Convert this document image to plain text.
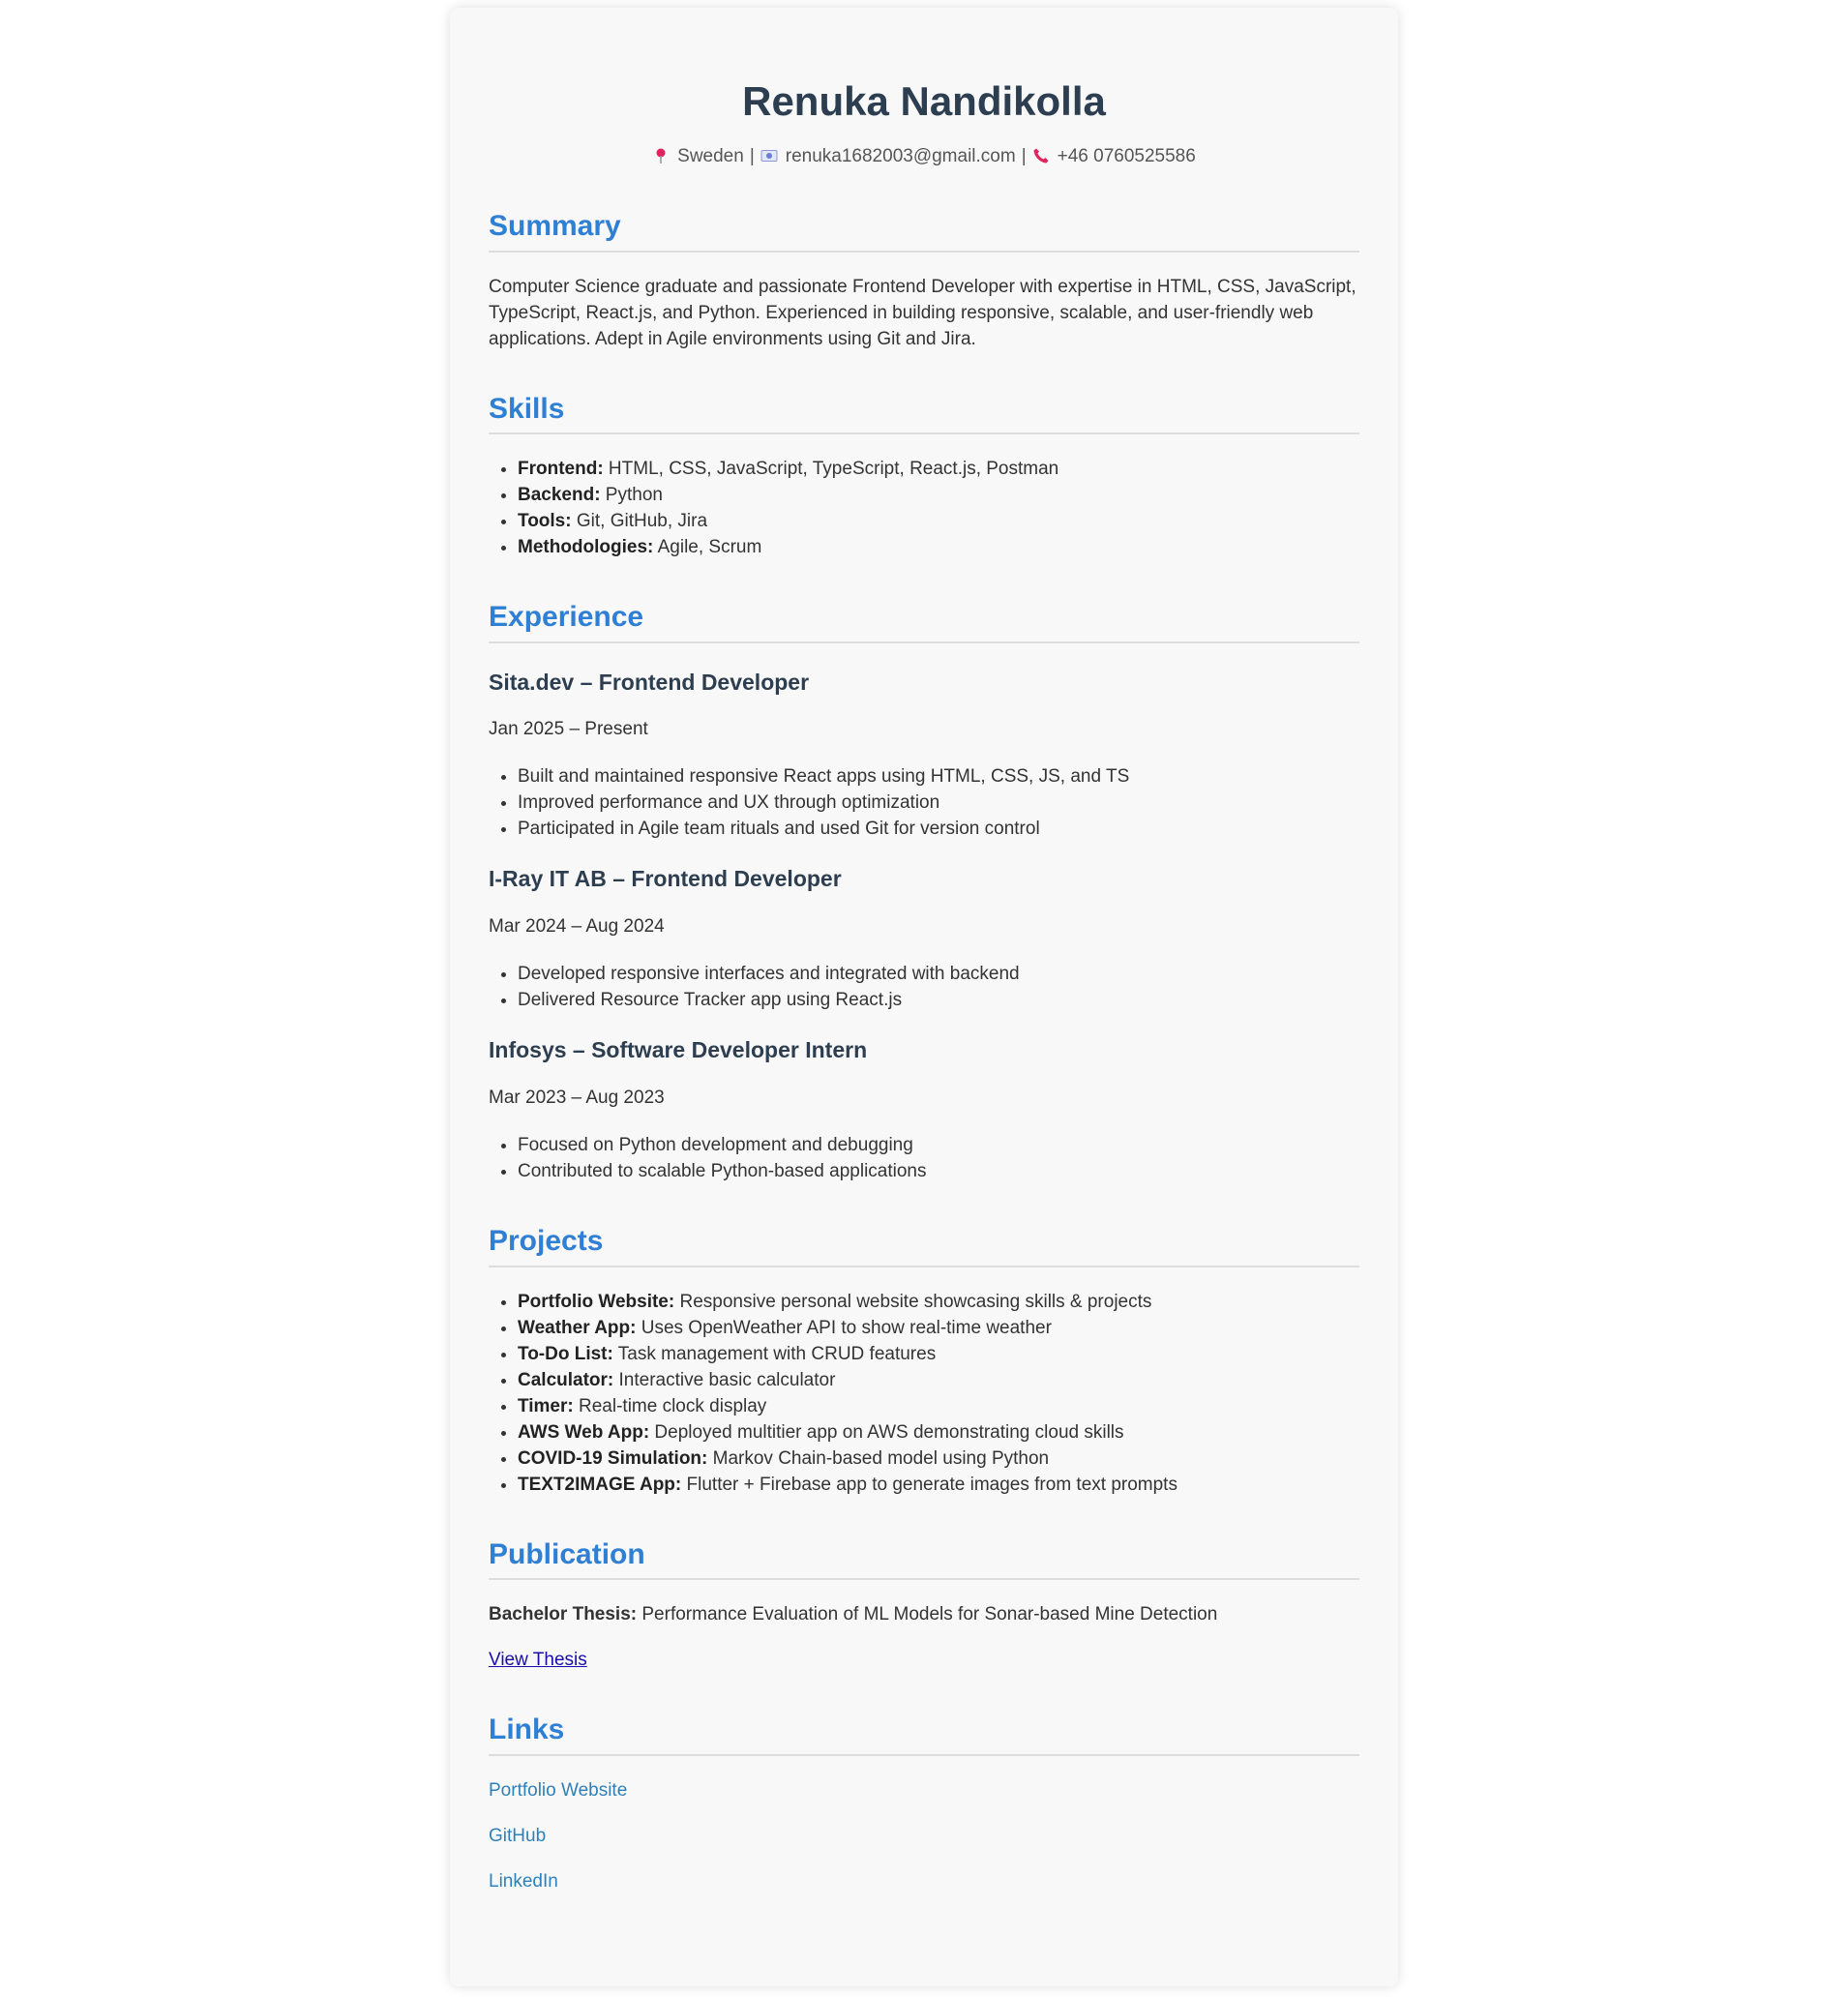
Renuka Nandikolla
Sweden | renuka1682003@gmail.com | +46 0760525586
Summary

Computer Science graduate and passionate Frontend Developer with expertise in HTML, CSS, JavaScript, TypeScript, React.js, and Python. Experienced in building responsive, scalable, and user-friendly web applications. Adept in Agile environments using Git and Jira.

Skills
• Frontend: HTML, CSS, JavaScript, TypeScript, React.js, Postman
• Backend: Python
• Tools: Git, GitHub, Jira
• Methodologies: Agile, Scrum
Experience
Sita.dev – Frontend Developer

Jan 2025 – Present

• Built and maintained responsive React apps using HTML, CSS, JS, and TS
• Improved performance and UX through optimization
• Participated in Agile team rituals and used Git for version control
I-Ray IT AB – Frontend Developer

Mar 2024 – Aug 2024

• Developed responsive interfaces and integrated with backend
• Delivered Resource Tracker app using React.js
Infosys – Software Developer Intern

Mar 2023 – Aug 2023

• Focused on Python development and debugging
• Contributed to scalable Python-based applications
Projects
• Portfolio Website: Responsive personal website showcasing skills & projects
• Weather App: Uses OpenWeather API to show real-time weather
• To-Do List: Task management with CRUD features
• Calculator: Interactive basic calculator
• Timer: Real-time clock display
• AWS Web App: Deployed multitier app on AWS demonstrating cloud skills
• COVID-19 Simulation: Markov Chain-based model using Python
• TEXT2IMAGE App: Flutter + Firebase app to generate images from text prompts
Publication

Bachelor Thesis: Performance Evaluation of ML Models for Sonar-based Mine Detection

View Thesis
Links
Portfolio Website
GitHub
LinkedIn
